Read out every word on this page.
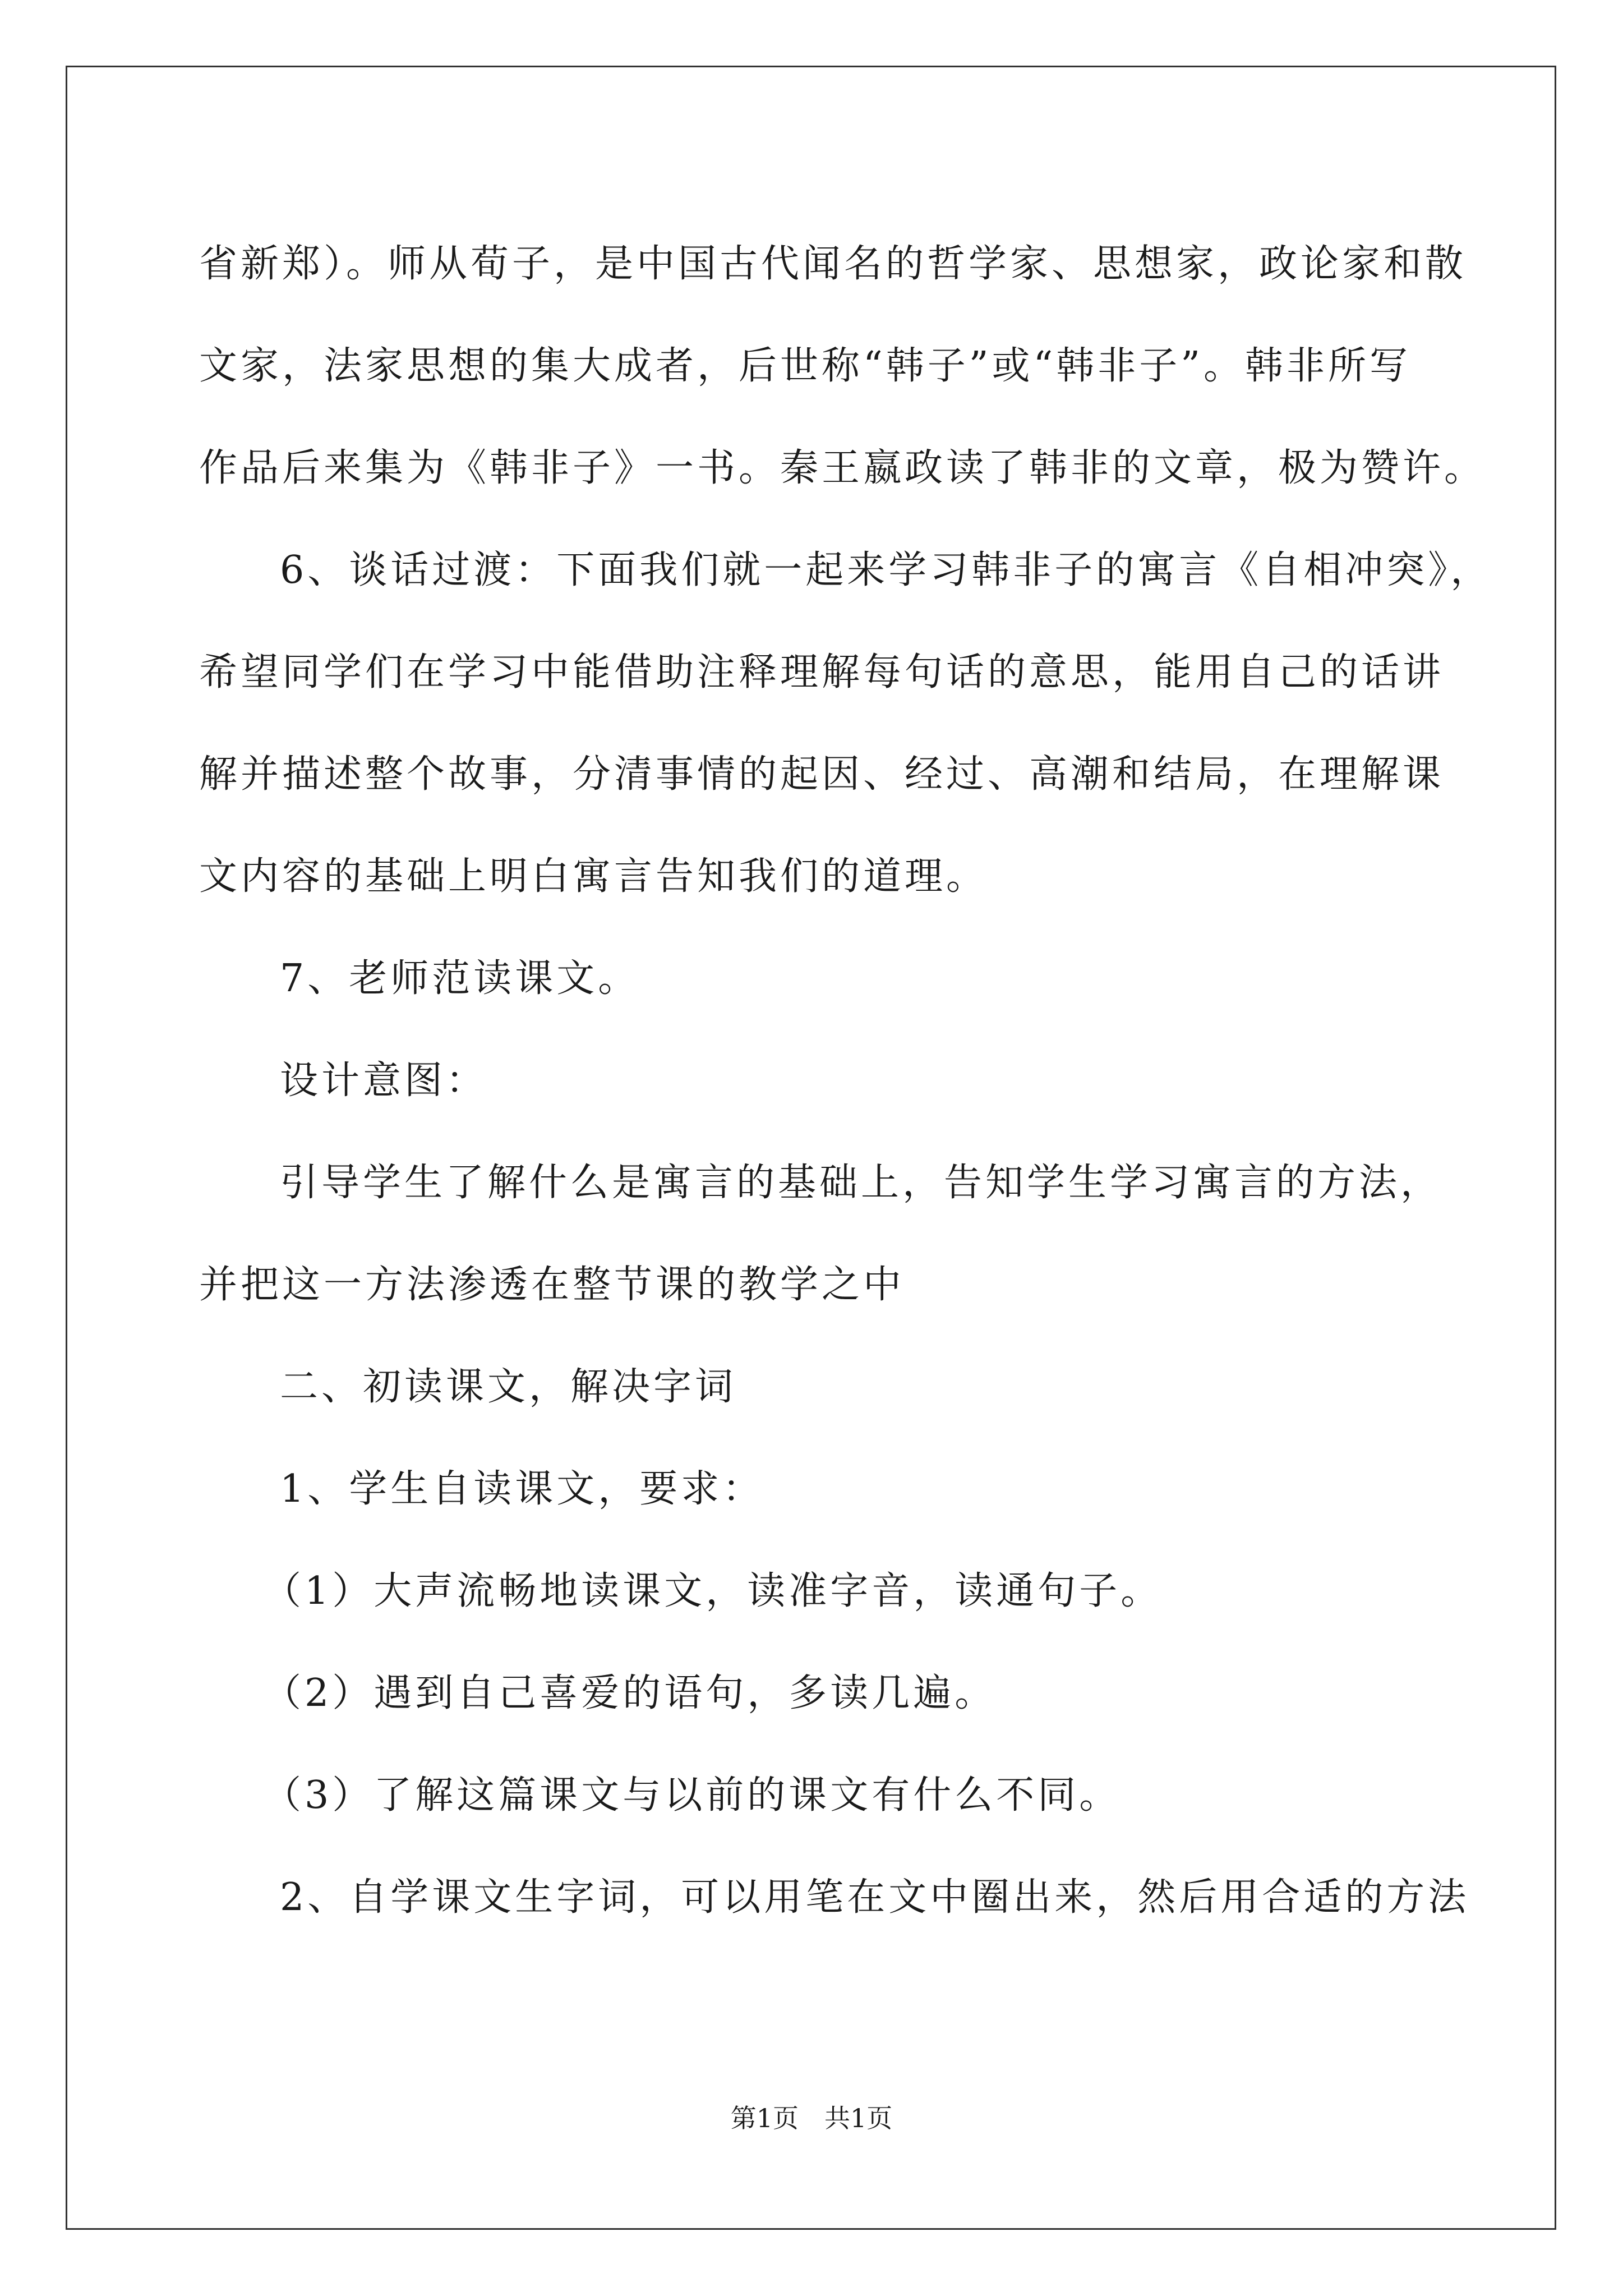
省新郑）。师从荀子，是中国古代闻名的哲学家、思想家，政论家和散
文家，法家思想的集大成者，后世称“韩子”或“韩非子”。韩非所写
作品后来集为《韩非子》一书。秦王嬴政读了韩非的文章，极为赞许。
6、谈话过渡：下面我们就一起来学习韩非子的寓言《自相冲突》，
希望同学们在学习中能借助注释理解每句话的意思，能用自己的话讲
解并描述整个故事，分清事情的起因、经过、高潮和结局，在理解课
文内容的基础上明白寓言告知我们的道理。
7、老师范读课文。
设计意图：
引导学生了解什么是寓言的基础上，告知学生学习寓言的方法，
并把这一方法渗透在整节课的教学之中
二、初读课文，解决字词
1、学生自读课文，要求：
（1）大声流畅地读课文，读准字音，读通句子。
（2）遇到自己喜爱的语句，多读几遍。
（3）了解这篇课文与以前的课文有什么不同。
2、自学课文生字词，可以用笔在文中圈出来，然后用合适的方法
第1页　共1页
